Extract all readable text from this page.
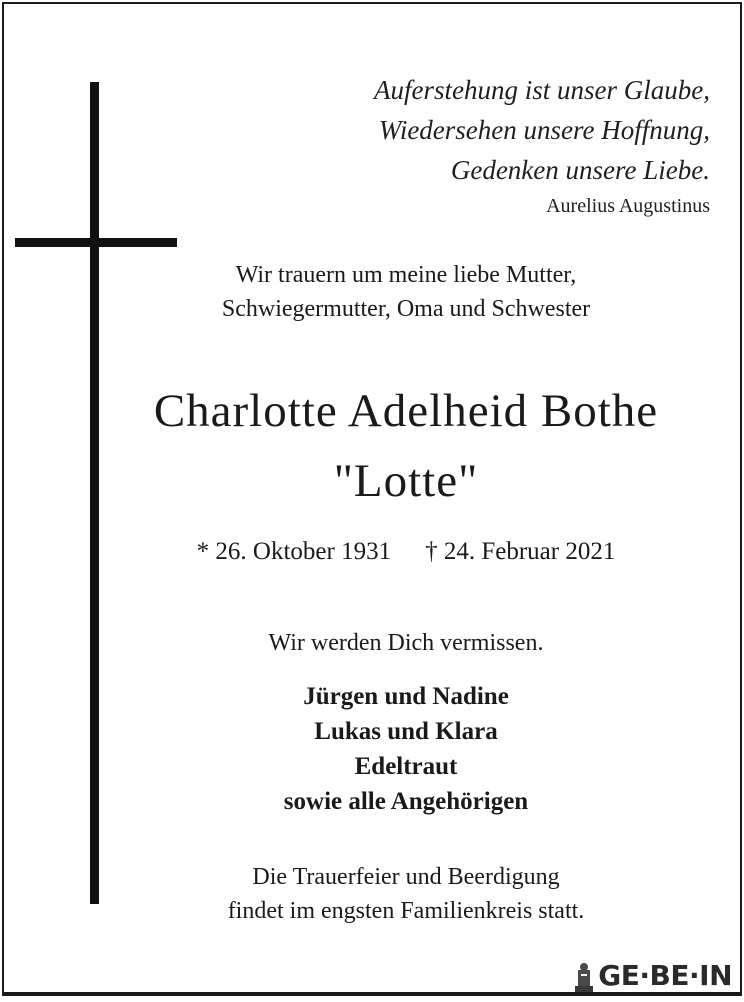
Auferstehung ist unser Glaube,
Wiedersehen unsere Hoffnung,
Gedenken unsere Liebe.
Aurelius Augustinus
Wir trauern um meine liebe Mutter,
Schwiegermutter, Oma und Schwester
Charlotte Adelheid Bothe
"Lotte"
* 26. Oktober 1931 † 24. Februar 2021
Wir werden Dich vermissen.
Jürgen und Nadine
Lukas und Klara
Edeltraut
sowie alle Angehörigen
Die Trauerfeier und Beerdigung
findet im engsten Familienkreis statt.
GE·BE·IN
